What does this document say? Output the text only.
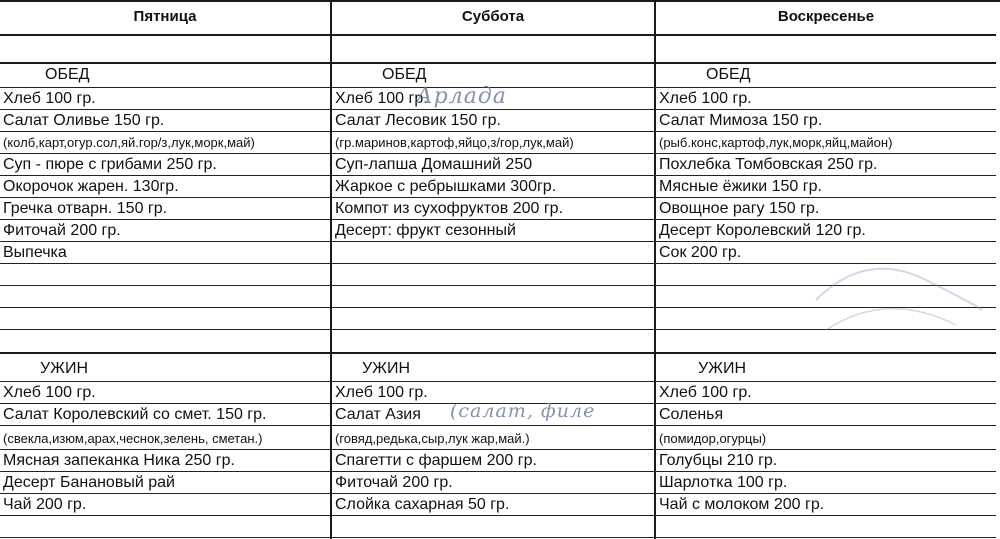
Пятница
ОБЕД
Хлеб 100 гр.
Салат Оливье 150 гр.
(колб,карт,огур.сол,яй.гор/з,лук,морк,май)
Суп - пюре с грибами 250 гр.
Окорочок жарен. 130гр.
Гречка отварн. 150 гр.
Фиточай 200 гр.
Выпечка
УЖИН
Хлеб 100 гр.
Салат Королевский со смет. 150 гр.
(свекла,изюм,арах,чеснок,зелень, сметан.)
Мясная запеканка Ника 250 гр.
Десерт Банановый рай
Чай 200 гр.
Суббота
ОБЕД
Хлеб 100 гр.
Салат Лесовик 150 гр.
(гр.маринов,картоф,яйцо,з/гор,лук,май)
Суп-лапша Домашний 250
Жаркое с ребрышками 300гр.
Компот из сухофруктов 200 гр.
Десерт: фрукт сезонный
УЖИН
Хлеб 100 гр.
Салат Азия
(говяд,редька,сыр,лук жар,май.)
Спагетти с фаршем 200 гр.
Фиточай 200 гр.
Слойка сахарная 50 гр.
Арлада
(салат, филе
Воскресенье
ОБЕД
Хлеб 100 гр.
Салат Мимоза 150 гр.
(рыб.конс,картоф,лук,морк,яйц,майон)
Похлебка Томбовская 250 гр.
Мясные ёжики 150 гр.
Овощное рагу 150 гр.
Десерт Королевский 120 гр.
Сок 200 гр.
УЖИН
Хлеб 100 гр.
Соленья
(помидор,огурцы)
Голубцы 210 гр.
Шарлотка 100 гр.
Чай с молоком 200 гр.
